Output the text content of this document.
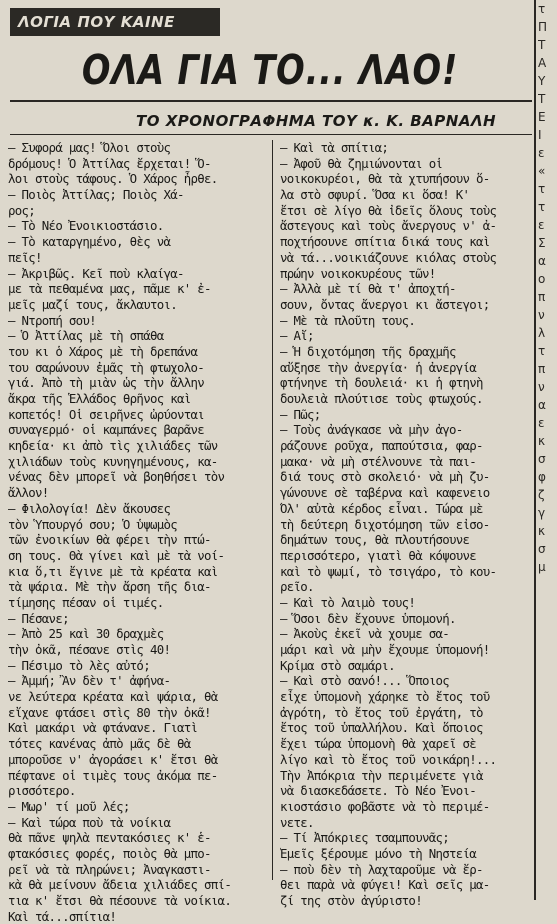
ΛΟΓΙΑ ΠΟΥ ΚΑΙΝΕ
ΟΛΑ ΓΙΑ ΤΟ... ΛΑΟ!
ΤΟ ΧΡΟΝΟΓΡΑΦΗΜΑ ΤΟΥ κ. Κ. ΒΑΡΝΑΛΗ
— Συφορά μας! Ὅλοι στοὺς
δρόμους! Ὁ Ἀττίλας ἔρχεται! Ὅ-
λοι στοὺς τάφους. Ὁ Χάρος ἦρθε.
— Ποιὸς Ἀττίλας; Ποιὸς Χά-
ρος;
— Τὸ Νέο Ἐνοικιοστάσιο.
— Τὸ καταργημένο, θὲς νὰ
πεῖς!
— Ἀκριβῶς. Κεῖ ποὺ κλαίγα-
με τὰ πεθαμένα μας, πᾶμε κ' ἐ-
μεῖς μαζί τους, ἄκλαυτοι.
— Ντροπή σου!
— Ὁ Ἀττίλας μὲ τὴ σπάθα
του κι ὁ Χάρος μὲ τὴ δρεπάνα
του σαρώνουν ἐμᾶς τὴ φτωχολο-
γιά. Ἀπὸ τὴ μιὰν ὡς τὴν ἄλλην
ἄκρα τῆς Ἑλλάδος θρῆνος καὶ
κοπετός! Οἱ σειρῆνες ὠρύονται
συναγερμό· οἱ καμπάνες βαρᾶνε
κηδεία· κι ἀπὸ τὶς χιλιάδες τῶν
χιλιάδων τοὺς κυνηγημένους, κα-
νένας δὲν μπορεῖ νὰ βοηθήσει τὸν
ἄλλον!
— Φιλολογία! Δὲν ἄκουσες
τὸν Ὑπουργό σου; Ὁ ὑψωμὸς
τῶν ἐνοικίων θὰ φέρει τὴν πτώ-
ση τους. Θὰ γίνει καὶ μὲ τὰ νοί-
κια ὅ,τι ἔγινε μὲ τὰ κρέατα καὶ
τὰ ψάρια. Μὲ τὴν ἄρση τῆς δια-
τίμησης πέσαν οἱ τιμές.
— Πέσανε;
— Ἀπὸ 25 καὶ 30 δραχμὲς
τὴν ὀκᾶ, πέσανε στὶς 40!
— Πέσιμο τὸ λὲς αὐτό;
— Ἀμμή; Ἂν δὲν τ' ἀφήνα-
νε λεύτερα κρέατα καὶ ψάρια, θὰ
εἴχανε φτάσει στὶς 80 τὴν ὀκᾶ!
Καὶ μακάρι νὰ φτάνανε. Γιατὶ
τότες κανένας ἀπὸ μᾶς δὲ θὰ
μποροῦσε ν' ἀγοράσει κ' ἔτσι θὰ
πέφτανε οἱ τιμὲς τους ἀκόμα πε-
ρισσότερο.
— Μωρ' τί μοῦ λές;
— Καὶ τώρα ποὺ τὰ νοίκια
θὰ πᾶνε ψηλὰ πεντακόσιες κ' ἑ-
φτακόσιες φορές, ποιὸς θὰ μπο-
ρεῖ νὰ τὰ πληρώνει; Ἀναγκαστι-
κὰ θὰ μείνουν ἄδεια χιλιάδες σπί-
τια κ' ἔτσι θὰ πέσουνε τὰ νοίκια.
Καὶ τά...σπίτια!
— Καὶ τὰ σπίτια;
— Ἀφοῦ θὰ ζημιώνονται οἱ
νοικοκυρέοι, θὰ τὰ χτυπήσουν ὅ-
λα στὸ σφυρί. Ὅσα κι ὅσα! Κ'
ἔτσι σὲ λίγο θὰ ἰδεῖς ὅλους τοὺς
ἄστεγους καὶ τοὺς ἄνεργους ν' ἀ-
ποχτήσουνε σπίτια δικά τους καὶ
νὰ τά...νοικιάζουνε κιόλας στοὺς
πρώην νοικοκυρέους τῶν!
— Ἀλλὰ μὲ τί θὰ τ' ἀποχτή-
σουν, ὄντας ἄνεργοι κι ἄστεγοι;
— Μὲ τὰ πλοῦτη τους.
— Αἴ;
— Ἡ διχοτόμηση τῆς δραχμῆς
αὔξησε τὴν ἀνεργία· ἡ ἀνεργία
φτήνηνε τὴ δουλειά· κι ἡ φτηνὴ
δουλειὰ πλούτισε τοὺς φτωχούς.
— Πῶς;
— Τοὺς ἀνάγκασε νὰ μὴν ἀγο-
ράζουνε ροῦχα, παπούτσια, φαρ-
μακα· νὰ μὴ στέλνουνε τὰ παι-
διά τους στὸ σκολειό· νὰ μὴ ζυ-
γώνουνε σὲ ταβέρνα καὶ καφενειο
Ὅλ' αὐτὰ κέρδος εἶναι. Τώρα μὲ
τὴ δεύτερη διχοτόμηση τῶν εἰσο-
δημάτων τους, θὰ πλουτήσουνε
περισσότερο, γιατὶ θὰ κόψουνε
καὶ τὸ ψωμί, τὸ τσιγάρο, τὸ κου-
ρεῖο.
— Καὶ τὸ λαιμὸ τους!
— Ὅσοι δὲν ἔχουνε ὑπομονή.
— Ἀκοὺς ἐκεῖ νὰ χουμε σα-
μάρι καὶ νὰ μὴν ἔχουμε ὑπομονή!
Κρίμα στὸ σαμάρι.
— Καὶ στὸ σανό!... Ὅποιος
εἶχε ὑπομονὴ χάρηκε τὸ ἔτος τοῦ
ἀγρότη, τὸ ἔτος τοῦ ἐργάτη, τὸ
ἔτος τοῦ ὑπαλλήλου. Καὶ ὅποιος
ἔχει τώρα ὑπομονὴ θὰ χαρεῖ σὲ
λίγο καὶ τὸ ἔτος τοῦ νοικάρη!...
Τὴν Ἀπόκρια τὴν περιμένετε γιὰ
νὰ διασκεδάσετε. Τὸ Νέο Ἐνοι-
κιοστάσιο φοβᾶστε νὰ τὸ περιμέ-
νετε.
— Τί Ἀπόκριες τσαμπουνᾶς;
Ἐμεῖς ξέρουμε μόνο τὴ Νηστεία
— ποὺ δὲν τὴ λαχταροῦμε νὰ ἔρ-
θει παρὰ νὰ φύγει! Καὶ σεῖς μα-
ζί της στὸν ἀγύριστο!
τ
Π
Τ
Α
Υ
Τ
Ε
Ι
ε
«
τ
τ
ε
Σ
α
ο
π
ν
λ
τ
π
ν
α
ε
κ
σ
φ
ζ
γ
κ
σ
μ
